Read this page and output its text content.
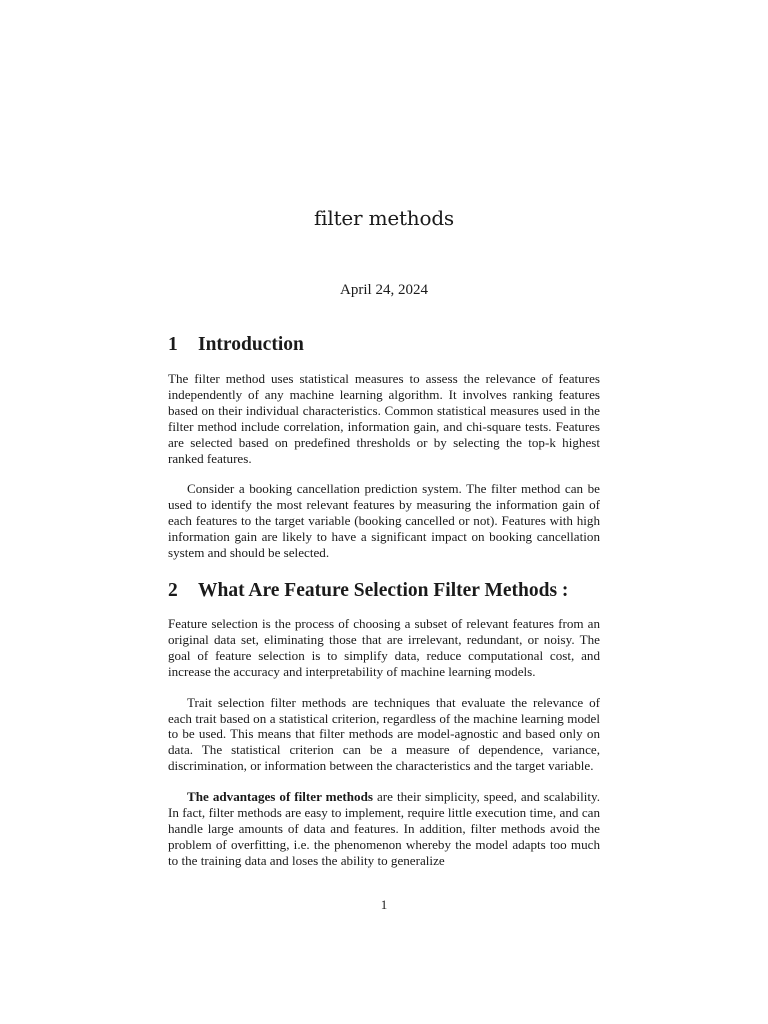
filter methods
April 24, 2024
1 Introduction

The filter method uses statistical measures to assess the relevance of features independently of any machine learning algorithm. It involves ranking features based on their individual characteristics. Common statistical measures used in the filter method include correlation, information gain, and chi-square tests. Features are selected based on predefined thresholds or by selecting the top-k highest ranked features.

Consider a booking cancellation prediction system. The filter method can be used to identify the most relevant features by measuring the information gain of each features to the target variable (booking cancelled or not). Features with high information gain are likely to have a significant impact on booking cancellation system and should be selected.

2 What Are Feature Selection Filter Methods :

Feature selection is the process of choosing a subset of relevant features from an original data set, eliminating those that are irrelevant, redundant, or noisy. The goal of feature selection is to simplify data, reduce computational cost, and increase the accuracy and interpretability of machine learning models.

Trait selection filter methods are techniques that evaluate the relevance of each trait based on a statistical criterion, regardless of the machine learning model to be used. This means that filter methods are model-agnostic and based only on data. The statistical criterion can be a measure of dependence, variance, discrimination, or information between the characteristics and the target variable.

The advantages of filter methods are their simplicity, speed, and scalability. In fact, filter methods are easy to implement, require little execution time, and can handle large amounts of data and features. In addition, filter methods avoid the problem of overfitting, i.e. the phenomenon whereby the model adapts too much to the training data and loses the ability to generalize

1
